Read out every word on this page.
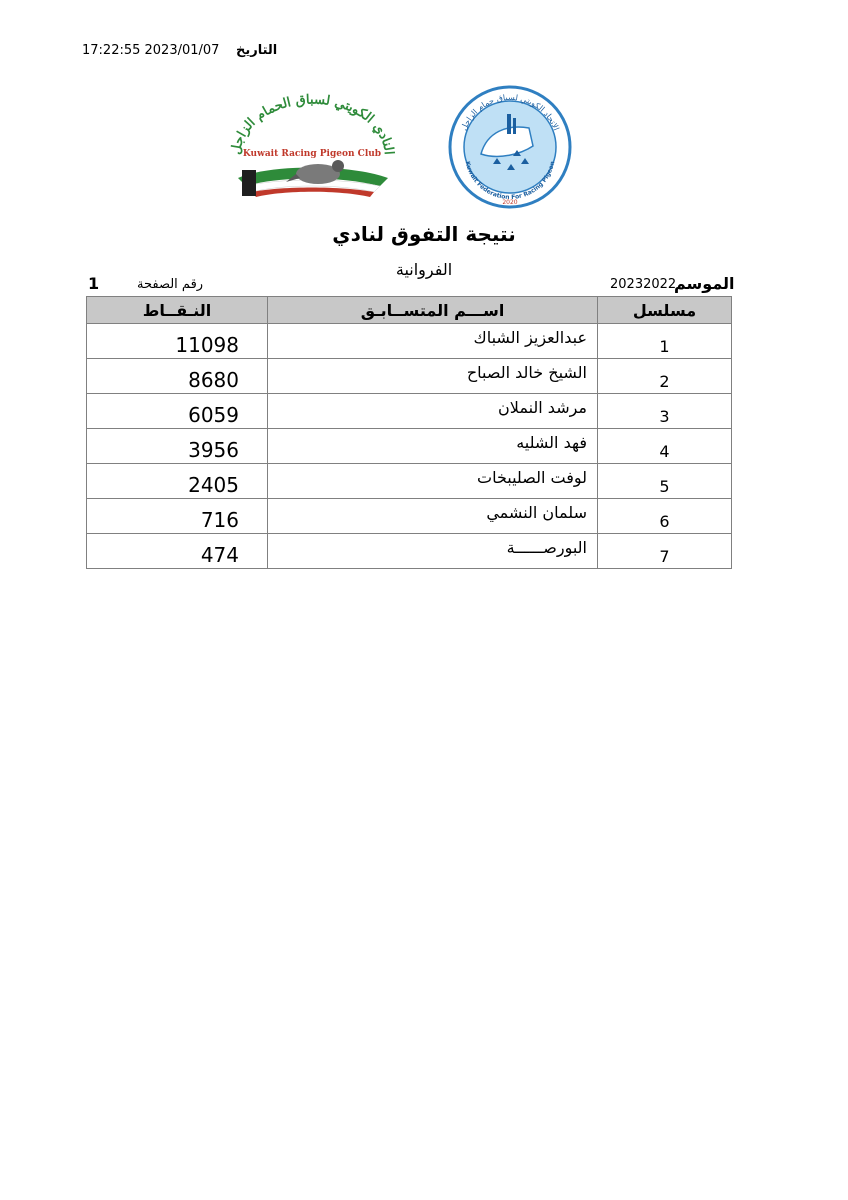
التاريخ
17:22:55 2023/01/07
النادي الكويتي لسباق الحمام الزاجل
Kuwait Racing Pigeon Club
الاتحاد الكويتي لسباق حمام الزاجل
Kuwait Federation For Racing Pigeon
2020
نتيجة التفوق لنادي
الفروانية
الموسم
20232022
رقم الصفحة
1
النـقــاط	اســـم المتســابـق	مسلسل
11098	عبدالعزيز الشباك	1
8680	الشيخ خالد الصباح	2
6059	مرشد النملان	3
3956	فهد الشليه	4
2405	لوفت الصليبخات	5
716	سلمان النشمي	6
474	البورصــــــة	7
